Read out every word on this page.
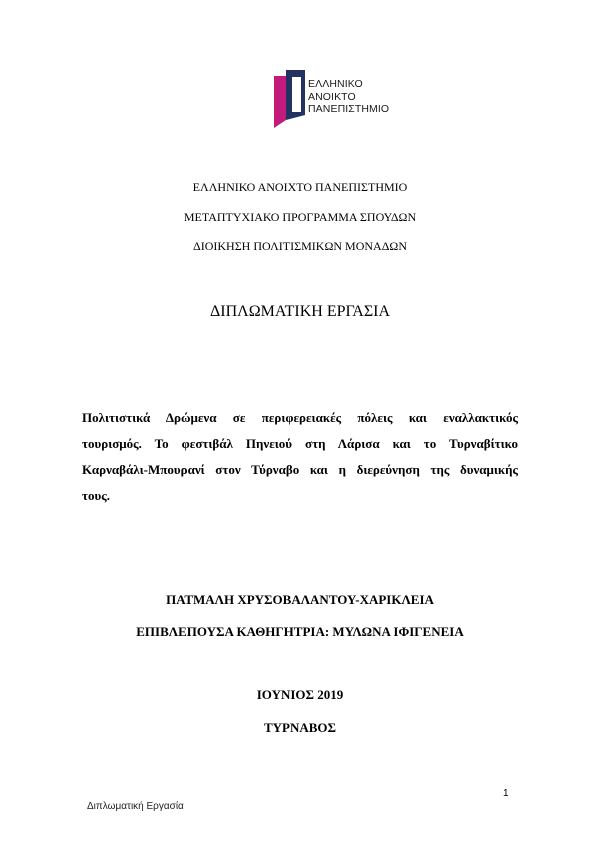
ΕΛΛΗΝΙΚΟ
ΑΝΟΙΚΤΟ
ΠΑΝΕΠΙΣΤΗΜΙΟ
ΕΛΛΗΝΙΚΟ ΑΝΟΙΧΤΟ ΠΑΝΕΠΙΣΤΗΜΙΟ
ΜΕΤΑΠΤΥΧΙΑΚΟ ΠΡΟΓΡΑΜΜΑ ΣΠΟΥΔΩΝ
ΔΙΟΙΚΗΣΗ ΠΟΛΙΤΙΣΜΙΚΩΝ ΜΟΝΑΔΩΝ
ΔΙΠΛΩΜΑΤΙΚΗ ΕΡΓΑΣΙΑ
Πολιτιστικά Δρώμενα σε περιφερειακές πόλεις και εναλλακτικός
τουρισμός. Το φεστιβάλ Πηνειού στη Λάρισα και το Τυρναβίτικο
Καρναβάλι-Μπουρανί στον Τύρναβο και η διερεύνηση της δυναμικής
τους.
ΠΑΤΜΑΛΗ ΧΡΥΣΟΒΑΛΑΝΤΟΥ-ΧΑΡΙΚΛΕΙΑ
ΕΠΙΒΛΕΠΟΥΣΑ ΚΑΘΗΓΗΤΡΙΑ: ΜΥΛΩΝΑ ΙΦΙΓΕΝΕΙΑ
ΙΟΥΝΙΟΣ 2019
ΤΥΡΝΑΒΟΣ
1
Διπλωματική Εργασία
